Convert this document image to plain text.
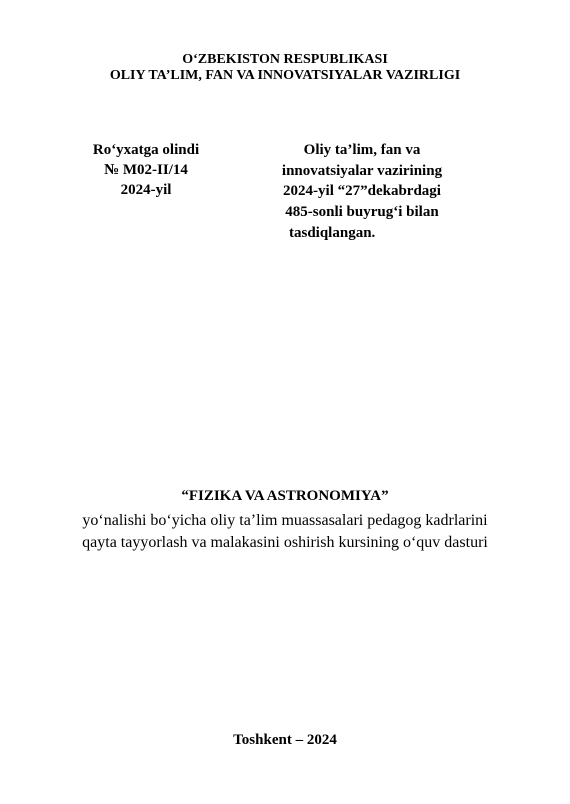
O‘ZBEKISTON RESPUBLIKASI
OLIY TA’LIM, FAN VA INNOVATSIYALAR VAZIRLIGI
Ro‘yxatga olindi
№ M02-II/14
2024-yil
Oliy ta’lim, fan va
innovatsiyalar vazirining
2024-yil “27”dekabrdagi
485-sonli buyrug‘i bilan
tasdiqlangan.
“FIZIKA VA ASTRONOMIYA”
yo‘nalishi bo‘yicha oliy ta’lim muassasalari pedagog kadrlarini
qayta tayyorlash va malakasini oshirish kursining o‘quv dasturi
Toshkent – 2024
